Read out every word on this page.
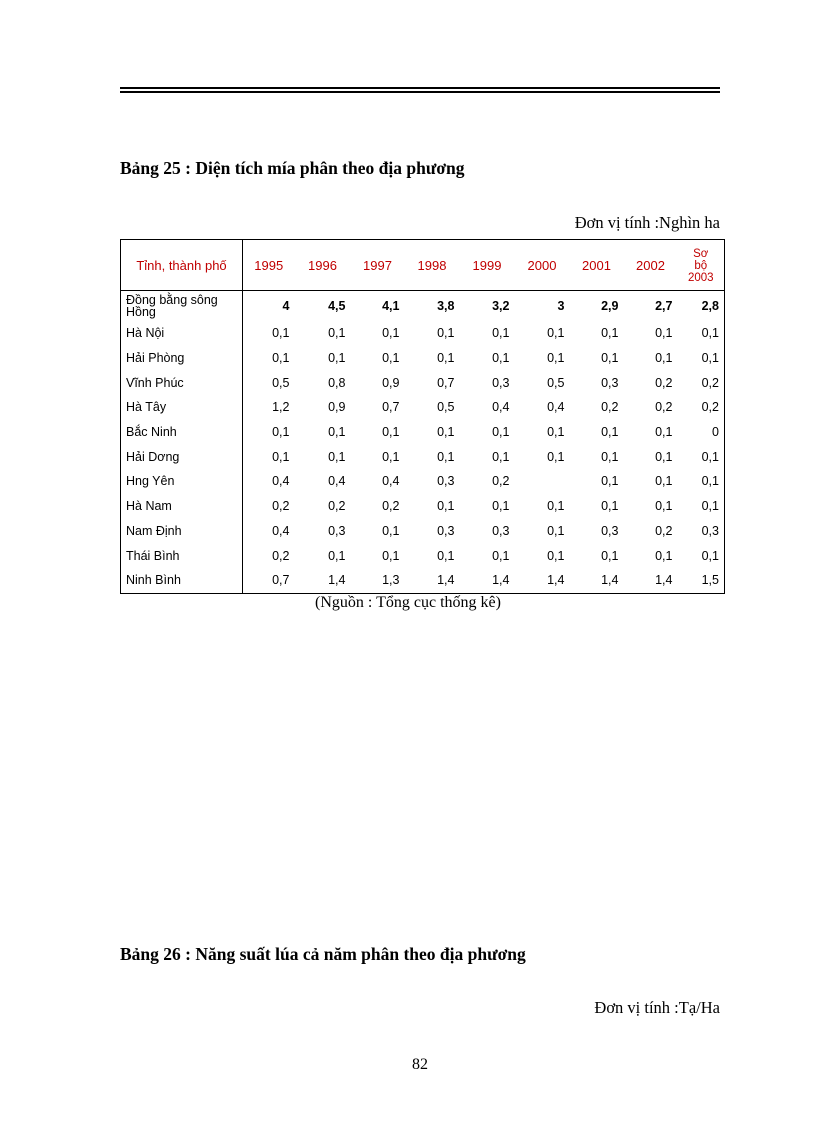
Bảng 25 : Diện tích mía phân theo địa phương
Đơn vị tính :Nghìn ha
Tỉnh, thành phố	1995	1996	1997	1998	1999	2000	2001	2002	Sơ
bộ
2003

Đồng bằng sông Hồng	4	4,5	4,1	3,8	3,2	3	2,9	2,7	2,8
Hà Nội	0,1	0,1	0,1	0,1	0,1	0,1	0,1	0,1	0,1
Hải Phòng	0,1	0,1	0,1	0,1	0,1	0,1	0,1	0,1	0,1
Vĩnh Phúc	0,5	0,8	0,9	0,7	0,3	0,5	0,3	0,2	0,2
Hà Tây	1,2	0,9	0,7	0,5	0,4	0,4	0,2	0,2	0,2
Bắc Ninh	0,1	0,1	0,1	0,1	0,1	0,1	0,1	0,1	0
Hải Dơng	0,1	0,1	0,1	0,1	0,1	0,1	0,1	0,1	0,1
Hng Yên	0,4	0,4	0,4	0,3	0,2		0,1	0,1	0,1
Hà Nam	0,2	0,2	0,2	0,1	0,1	0,1	0,1	0,1	0,1
Nam Định	0,4	0,3	0,1	0,3	0,3	0,1	0,3	0,2	0,3
Thái Bình	0,2	0,1	0,1	0,1	0,1	0,1	0,1	0,1	0,1
Ninh Bình	0,7	1,4	1,3	1,4	1,4	1,4	1,4	1,4	1,5
(Nguồn : Tổng cục thống kê)
Bảng 26 : Năng suất lúa cả năm phân theo địa phương
Đơn vị tính :Tạ/Ha
82
